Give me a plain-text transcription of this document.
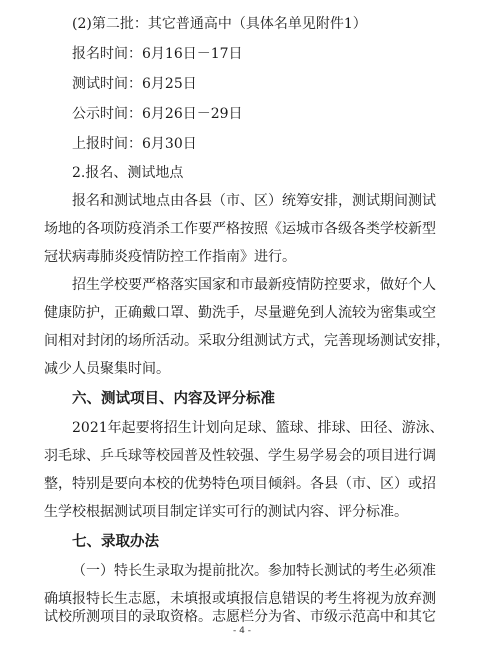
(2)第二批：其它普通高中（具体名单见附件1）
报名时间：6月16日－17日
测试时间：6月25日
公示时间：6月26日－29日
上报时间：6月30日
2.报名、测试地点
报名和测试地点由各县（市、区）统筹安排，测试期间测试
场地的各项防疫消杀工作要严格按照《运城市各级各类学校新型
冠状病毒肺炎疫情防控工作指南》进行。
招生学校要严格落实国家和市最新疫情防控要求，做好个人
健康防护，正确戴口罩、勤洗手，尽量避免到人流较为密集或空
间相对封闭的场所活动。采取分组测试方式，完善现场测试安排，
减少人员聚集时间。
六、测试项目、内容及评分标准
2021年起要将招生计划向足球、篮球、排球、田径、游泳、
羽毛球、乒乓球等校园普及性较强、学生易学易会的项目进行调
整，特别是要向本校的优势特色项目倾斜。各县（市、区）或招
生学校根据测试项目制定详实可行的测试内容、评分标准。
七、录取办法
（一）特长生录取为提前批次。参加特长测试的考生必须准
确填报特长生志愿，未填报或填报信息错误的考生将视为放弃测
试校所测项目的录取资格。志愿栏分为省、市级示范高中和其它
- 4 -
